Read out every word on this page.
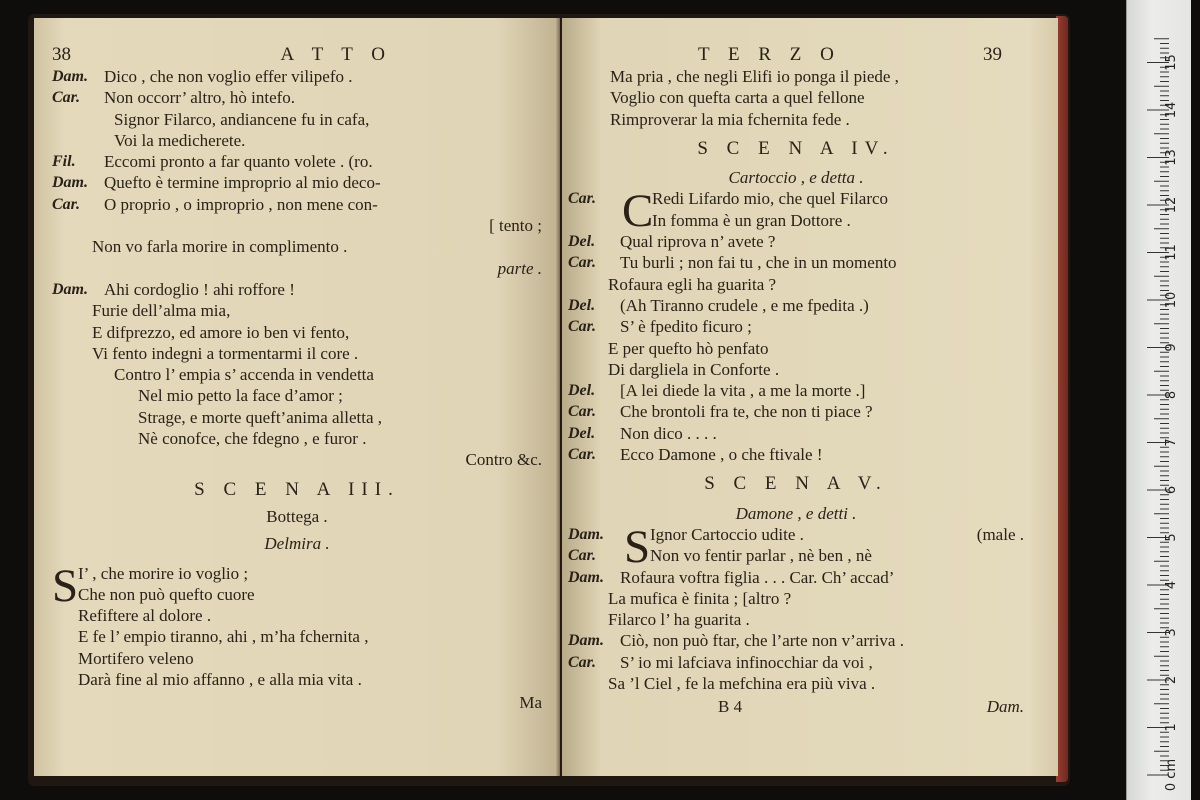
38	A T T O
Dam. Dico , che non voglio effer vilipefo .
Car.	Non occorr’ altro, hò intefo.
Signor Filarco, andiancene fu in cafa,
Voi la medicherete.
Fil.	Eccomi pronto a far quanto volete . (ro.
Dam. Quefto è termine improprio al mio deco-
Car.	O proprio , o improprio , non mene con-
[ tento ;
Non vo farla morire in complimento .
parte .
Dam. Ahi cordoglio ! ahi roffore !
Furie dell’alma mia,
E difprezzo, ed amore io ben vi fento,
Vi fento indegni a tormentarmi il core .
Contro l’ empia s’ accenda in vendetta
Nel mio petto la face d’amor ;
Strage, e morte queft’anima alletta ,
Nè conofce, che fdegno , e furor .
Contro &c.
S C E N A III.
Bottega .
Delmira .
S I’ , che morire io voglio ;
Che non può quefto cuore
Refiftere al dolore .
E fe l’ empio tiranno, ahi , m’ha fchernita ,
Mortifero veleno
Darà fine al mio affanno , e alla mia vita .
Ma
T E R Z O	39
Ma pria , che negli Elifi io ponga il piede ,
Voglio con quefta carta a quel fellone
Rimproverar la mia fchernita fede .
S C E N A IV.
Cartoccio , e detta .
Car. C
Redi Lifardo mio, che quel Filarco
In fomma è un gran Dottore .
Del.	Qual riprova n’ avete ?
Car.	Tu burli ; non fai tu , che in un momento
Rofaura egli ha guarita ?
Del.	(Ah Tiranno crudele , e me fpedita .)
Car.	S’ è fpedito ficuro ;
E per quefto hò penfato
Di dargliela in Conforte .
Del.	[A lei diede la vita , a me la morte .]
Car.	Che brontoli fra te, che non ti piace ?
Del.	Non dico . . . .
Car.	Ecco Damone , o che ftivale !
S C E N A V.
Damone , e detti .
Dam. S Ignor Cartoccio udite .	(male .
Car.	Non vo fentir parlar , nè ben , nè
Dam. Rofaura voftra figlia . . . Car. Ch’ accad’
La mufica è finita ; [altro ?
Filarco l’ ha guarita .
Dam. Ciò, non può ftar, che l’arte non v’arriva .
Car.	S’ io mi lafciava infinocchiar da voi ,
Sa ’l Ciel , fe la mefchina era più viva .
B 4	Dam.
0 cm
1
2
3
4
5
6
7
8
9
10
11
12
13
14
15
